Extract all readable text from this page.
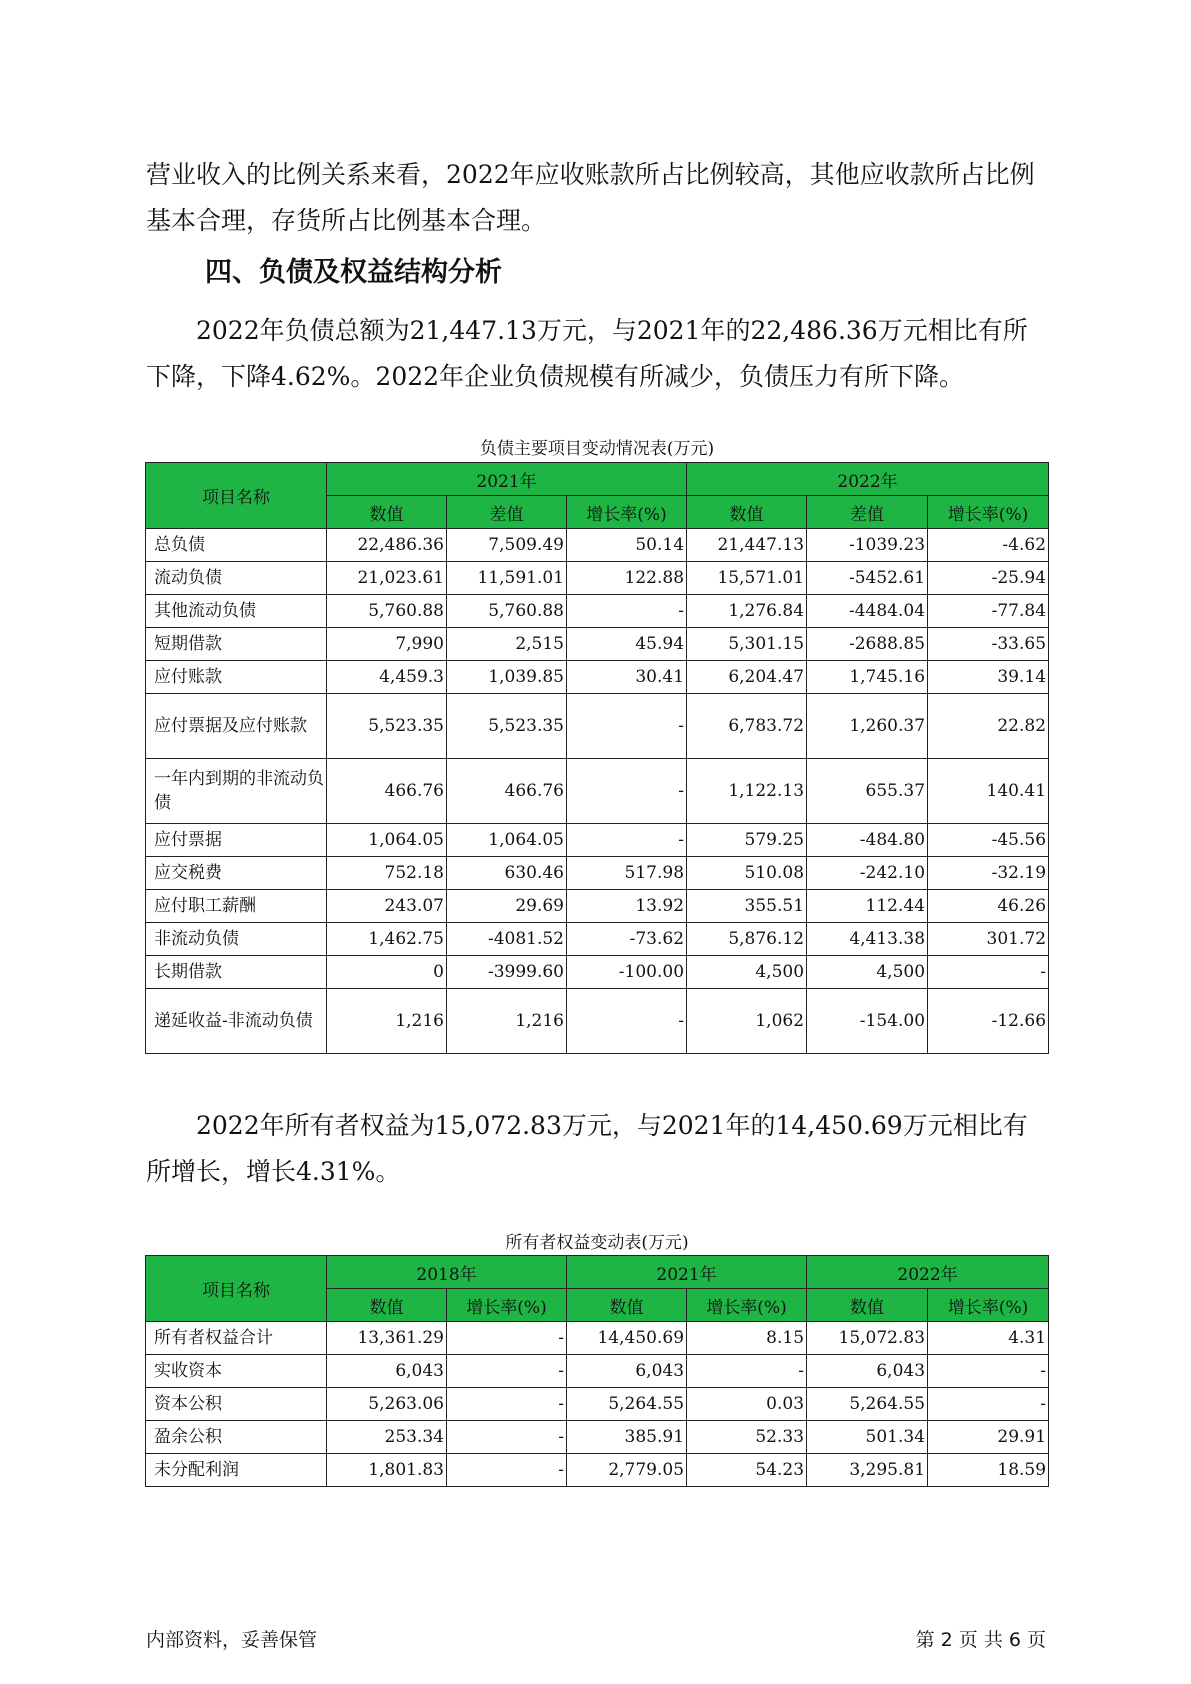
营业收入的比例关系来看，2022年应收账款所占比例较高，其他应收款所占比例基本合理，存货所占比例基本合理。

四、负债及权益结构分析

2022年负债总额为21,447.13万元，与2021年的22,486.36万元相比有所下降，下降4.62%。2022年企业负债规模有所减少，负债压力有所下降。

负债主要项目变动情况表(万元)
项目名称	2021年			2022年		
	数值	差值	增长率(%)	数值	差值	增长率(%)
总负债	22,486.36	7,509.49	50.14	21,447.13	-1039.23	-4.62
流动负债	21,023.61	11,591.01	122.88	15,571.01	-5452.61	-25.94
其他流动负债	5,760.88	5,760.88	-	1,276.84	-4484.04	-77.84
短期借款	7,990	2,515	45.94	5,301.15	-2688.85	-33.65
应付账款	4,459.3	1,039.85	30.41	6,204.47	1,745.16	39.14
应付票据及应付账款	5,523.35	5,523.35	-	6,783.72	1,260.37	22.82
一年内到期的非流动负债	466.76	466.76	-	1,122.13	655.37	140.41
应付票据	1,064.05	1,064.05	-	579.25	-484.80	-45.56
应交税费	752.18	630.46	517.98	510.08	-242.10	-32.19
应付职工薪酬	243.07	29.69	13.92	355.51	112.44	46.26
非流动负债	1,462.75	-4081.52	-73.62	5,876.12	4,413.38	301.72
长期借款	0	-3999.60	-100.00	4,500	4,500	-
递延收益-非流动负债	1,216	1,216	-	1,062	-154.00	-12.66

2022年所有者权益为15,072.83万元，与2021年的14,450.69万元相比有所增长，增长4.31%。

所有者权益变动表(万元)
项目名称	2018年		2021年		2022年	
	数值	增长率(%)	数值	增长率(%)	数值	增长率(%)
所有者权益合计	13,361.29	-	14,450.69	8.15	15,072.83	4.31
实收资本	6,043	-	6,043	-	6,043	-
资本公积	5,263.06	-	5,264.55	0.03	5,264.55	-
盈余公积	253.34	-	385.91	52.33	501.34	29.91
未分配利润	1,801.83	-	2,779.05	54.23	3,295.81	18.59
内部资料，妥善保管	第 2 页 共 6 页
